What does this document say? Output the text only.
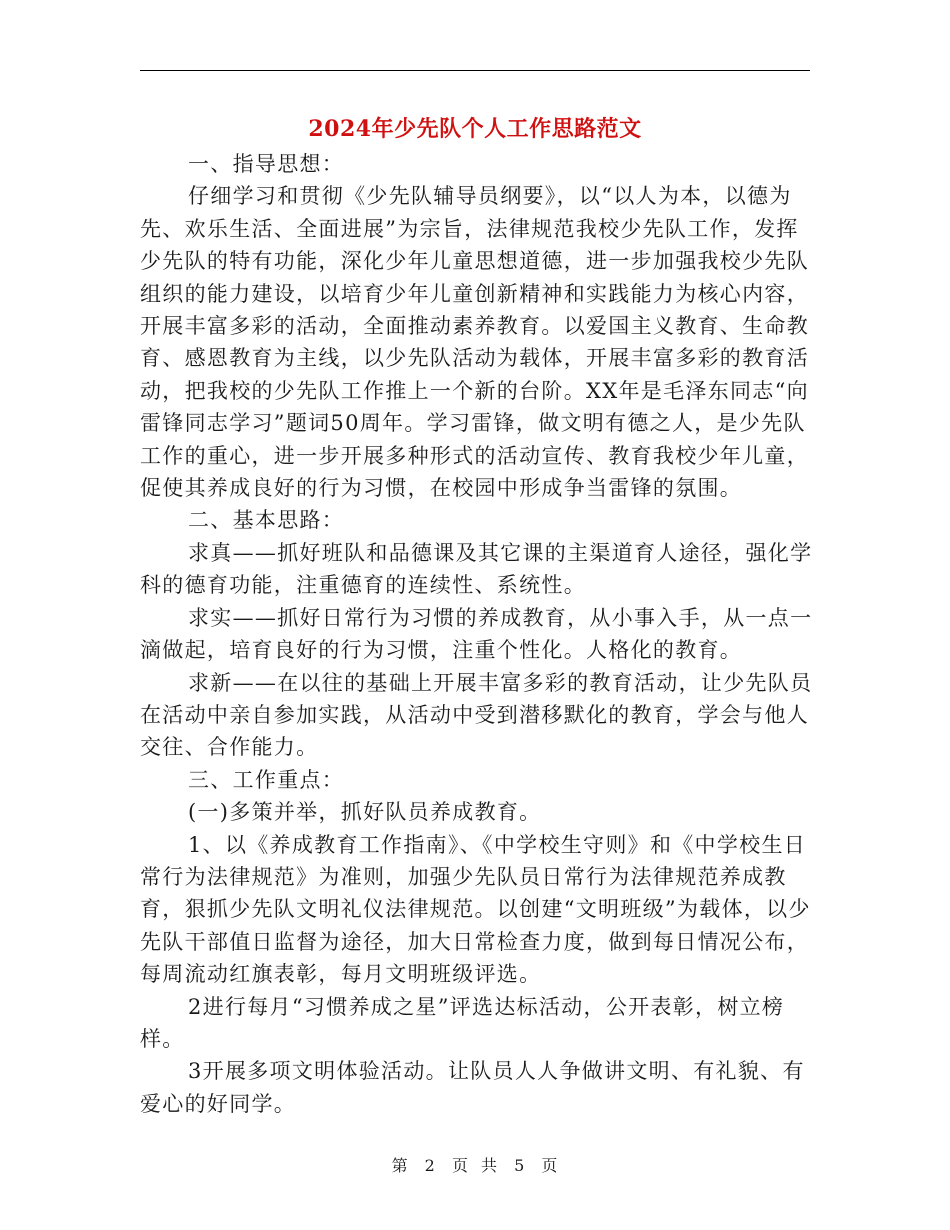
2024年少先队个人工作思路范文

一、指导思想：

仔细学习和贯彻《少先队辅导员纲要》，以“以人为本，以德为先、欢乐生活、全面进展”为宗旨，法律规范我校少先队工作，发挥少先队的特有功能，深化少年儿童思想道德，进一步加强我校少先队组织的能力建设，以培育少年儿童创新精神和实践能力为核心内容，开展丰富多彩的活动，全面推动素养教育。以爱国主义教育、生命教育、感恩教育为主线，以少先队活动为载体，开展丰富多彩的教育活动，把我校的少先队工作推上一个新的台阶。XX年是毛泽东同志“向雷锋同志学习”题词50周年。学习雷锋，做文明有德之人，是少先队工作的重心，进一步开展多种形式的活动宣传、教育我校少年儿童，促使其养成良好的行为习惯，在校园中形成争当雷锋的氛围。

二、基本思路：

求真——抓好班队和品德课及其它课的主渠道育人途径，强化学科的德育功能，注重德育的连续性、系统性。

求实——抓好日常行为习惯的养成教育，从小事入手，从一点一滴做起，培育良好的行为习惯，注重个性化。人格化的教育。

求新——在以往的基础上开展丰富多彩的教育活动，让少先队员在活动中亲自参加实践，从活动中受到潜移默化的教育，学会与他人交往、合作能力。

三、工作重点：

(一)多策并举，抓好队员养成教育。

1、以《养成教育工作指南》、《中学校生守则》和《中学校生日常行为法律规范》为准则，加强少先队员日常行为法律规范养成教育，狠抓少先队文明礼仪法律规范。以创建“文明班级”为载体，以少先队干部值日监督为途径，加大日常检查力度，做到每日情况公布，每周流动红旗表彰，每月文明班级评选。

2进行每月“习惯养成之星”评选达标活动，公开表彰，树立榜样。

3开展多项文明体验活动。让队员人人争做讲文明、有礼貌、有爱心的好同学。

第 2 页 共 5 页
